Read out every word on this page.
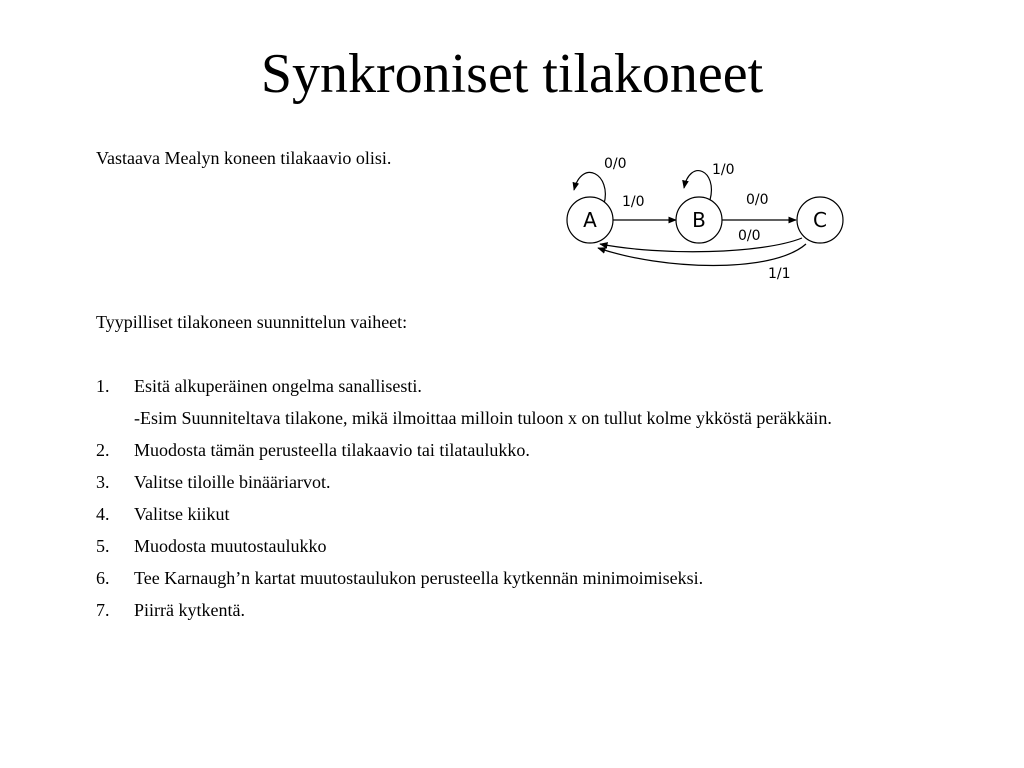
Synkroniset tilakoneet
Vastaava Mealyn koneen tilakaavio olisi.	0/0	1/0
1/0	0/0
0/0
1/1
A	B	C
Tyypilliset tilakoneen suunnittelun vaiheet:
1. Esitä alkuperäinen ongelma sanallisesti.
-Esim Suunniteltava tilakone, mikä ilmoittaa milloin tuloon x on tullut kolme ykköstä peräkkäin.
2. Muodosta tämän perusteella tilakaavio tai tilataulukko.
3. Valitse tiloille binääriarvot.
4. Valitse kiikut
5. Muodosta muutostaulukko
6. Tee Karnaugh’n kartat muutostaulukon perusteella kytkennän minimoimiseksi.
7. Piirrä kytkentä.
